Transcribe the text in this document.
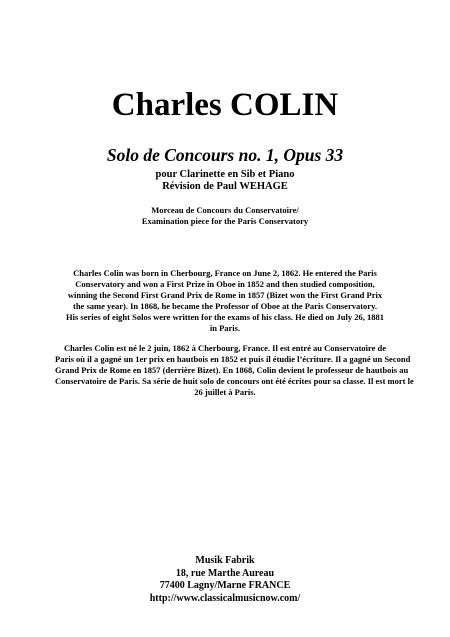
Charles COLIN
Solo de Concours no. 1, Opus 33
pour Clarinette en Sib et Piano
Révision de Paul WEHAGE
Morceau de Concours du Conservatoire/
Examination piece for the Paris Conservatory
Charles Colin was born in Cherbourg, France on June 2, 1862. He entered the Paris
Conservatory and won a First Prize in Oboe in 1852 and then studied composition,
winning the Second First Grand Prix de Rome in 1857 (Bizet won the First Grand Prix
the same year). In 1868, he became the Professor of Oboe at the Paris Conservatory.
His series of eight Solos were written for the exams of his class. He died on July 26, 1881
in Paris.
Charles Colin est né le 2 juin, 1862 à Cherbourg, France. Il est entré au Conservatoire de
Paris où il a gagné un 1er prix en hautbois en 1852 et puis il étudie l’écriture. Il a gagné un Second
Grand Prix de Rome en 1857 (derrière Bizet). En 1868, Colin devient le professeur de hautbois au
Conservatoire de Paris. Sa série de huit solo de concours ont été écrites pour sa classe. Il est mort le
26 juillet à Paris.
Musik Fabrik
18, rue Marthe Aureau
77400 Lagny/Marne FRANCE
http://www.classicalmusicnow.com/
